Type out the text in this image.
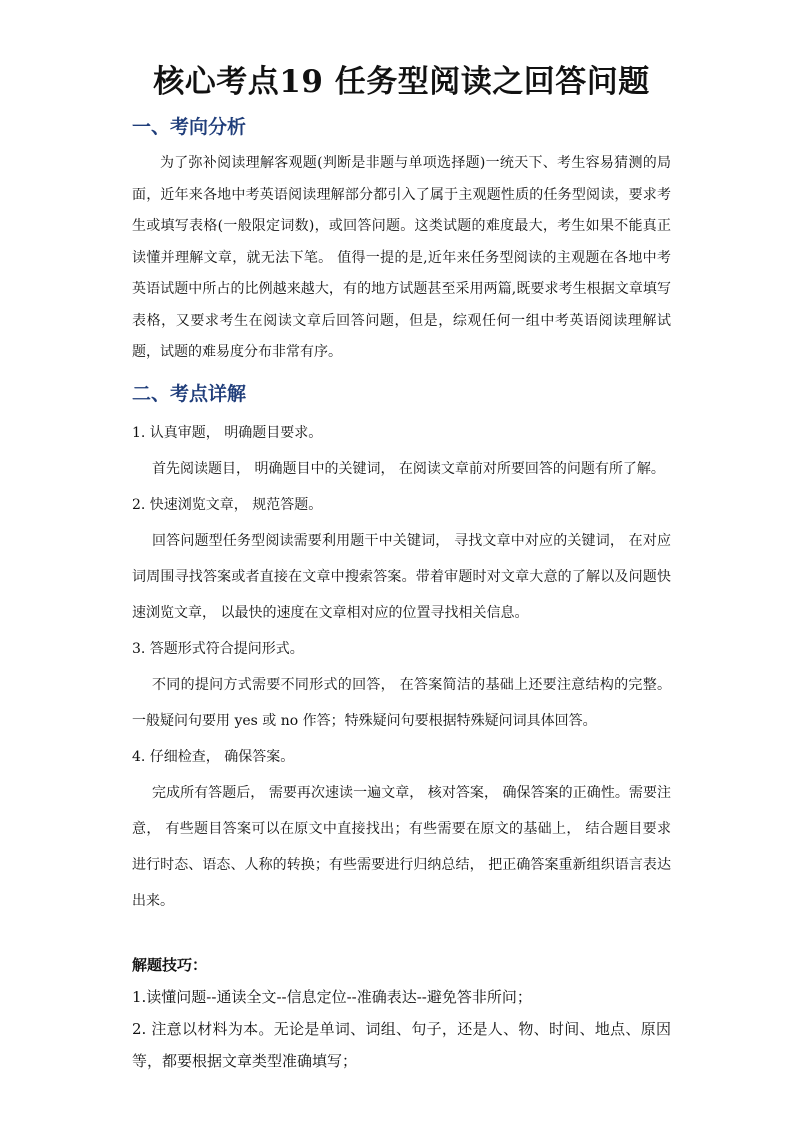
核心考点19 任务型阅读之回答问题
一、考向分析

为了弥补阅读理解客观题(判断是非题与单项选择题)一统天下、考生容易猜测的局面，近年来各地中考英语阅读理解部分都引入了属于主观题性质的任务型阅读，要求考生或填写表格(一般限定词数)，或回答问题。这类试题的难度最大，考生如果不能真正读懂并理解文章，就无法下笔。 值得一提的是,近年来任务型阅读的主观题在各地中考英语试题中所占的比例越来越大，有的地方试题甚至采用两篇,既要求考生根据文章填写表格，又要求考生在阅读文章后回答问题，但是，综观任何一组中考英语阅读理解试题，试题的难易度分布非常有序。

二、考点详解

1. 认真审题， 明确题目要求。

首先阅读题目， 明确题目中的关键词， 在阅读文章前对所要回答的问题有所了解。

2. 快速浏览文章， 规范答题。

回答问题型任务型阅读需要利用题干中关键词， 寻找文章中对应的关键词， 在对应词周围寻找答案或者直接在文章中搜索答案。带着审题时对文章大意的了解以及问题快速浏览文章， 以最快的速度在文章相对应的位置寻找相关信息。

3. 答题形式符合提问形式。

不同的提问方式需要不同形式的回答， 在答案简洁的基础上还要注意结构的完整。一般疑问句要用 yes 或 no 作答；特殊疑问句要根据特殊疑问词具体回答。

4. 仔细检查， 确保答案。

完成所有答题后， 需要再次速读一遍文章， 核对答案， 确保答案的正确性。需要注意， 有些题目答案可以在原文中直接找出；有些需要在原文的基础上， 结合题目要求进行时态、语态、人称的转换；有些需要进行归纳总结， 把正确答案重新组织语言表达出来。

解题技巧：

1.读懂问题--通读全文--信息定位--准确表达--避免答非所问；

2. 注意以材料为本。无论是单词、词组、句子，还是人、物、时间、地点、原因等，都要根据文章类型准确填写；
